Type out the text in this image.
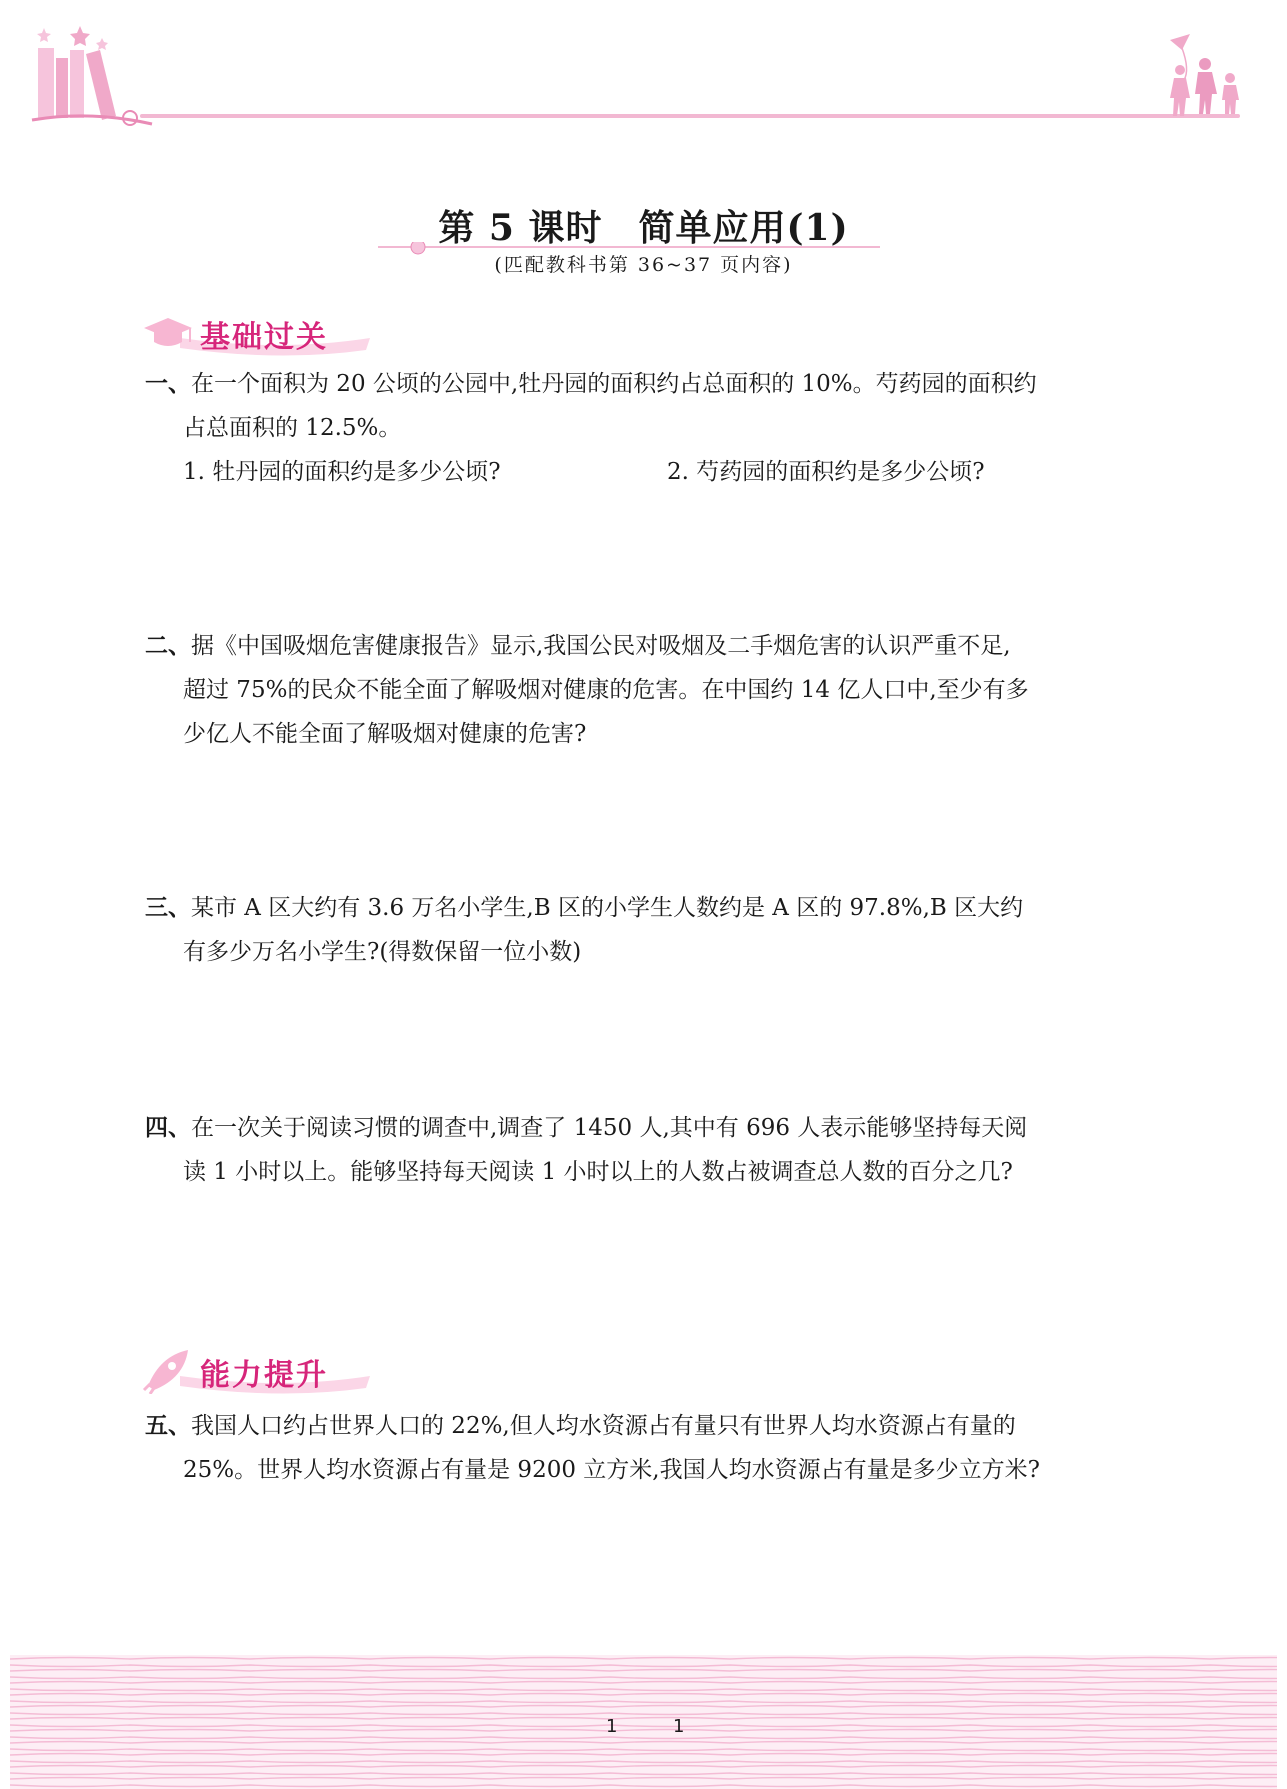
第 5 课时 简单应用(1)
(匹配教科书第 36~37 页内容)
基础过关
一、在一个面积为 20 公顷的公园中,牡丹园的面积约占总面积的 10%。芍药园的面积约
占总面积的 12.5%。
1. 牡丹园的面积约是多少公顷?	2. 芍药园的面积约是多少公顷?
二、据《中国吸烟危害健康报告》显示,我国公民对吸烟及二手烟危害的认识严重不足,
超过 75%的民众不能全面了解吸烟对健康的危害。在中国约 14 亿人口中,至少有多
少亿人不能全面了解吸烟对健康的危害?
三、某市 A 区大约有 3.6 万名小学生,B 区的小学生人数约是 A 区的 97.8%,B 区大约
有多少万名小学生?(得数保留一位小数)
四、在一次关于阅读习惯的调查中,调查了 1450 人,其中有 696 人表示能够坚持每天阅
读 1 小时以上。能够坚持每天阅读 1 小时以上的人数占被调查总人数的百分之几?
能力提升
五、我国人口约占世界人口的 22%,但人均水资源占有量只有世界人均水资源占有量的
25%。世界人均水资源占有量是 9200 立方米,我国人均水资源占有量是多少立方米?
1	1
